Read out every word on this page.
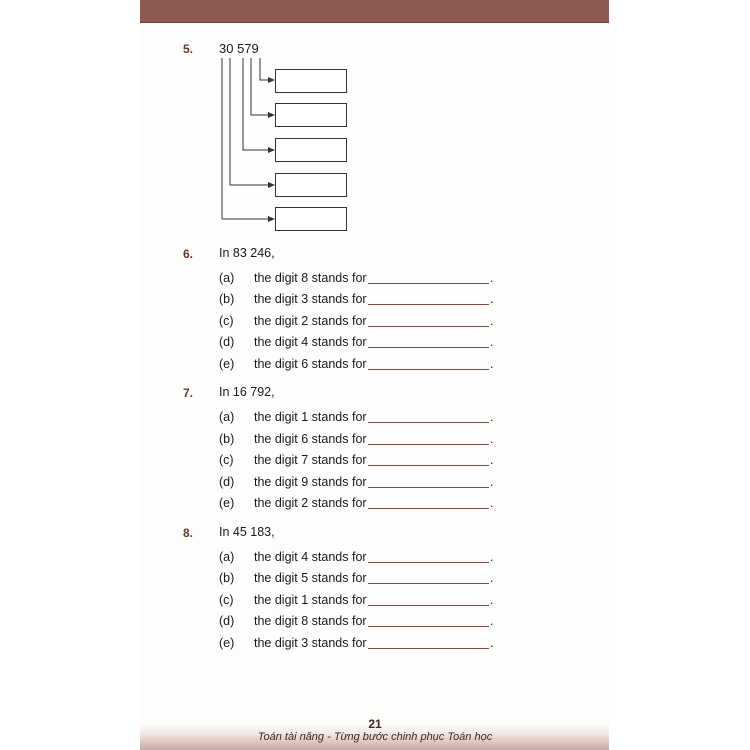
5. 30 579
6. In 83 246,
(a) the digit 8 stands for	.
(b) the digit 3 stands for	.
(c) the digit 2 stands for	.
(d) the digit 4 stands for	.
(e) the digit 6 stands for	.
7. In 16 792,
(a) the digit 1 stands for	.
(b) the digit 6 stands for	.
(c) the digit 7 stands for	.
(d) the digit 9 stands for	.
(e) the digit 2 stands for	.
8. In 45 183,
(a) the digit 4 stands for	.
(b) the digit 5 stands for	.
(c) the digit 1 stands for	.
(d) the digit 8 stands for	.
(e) the digit 3 stands for	.
21
Toán tài năng - Từng bước chinh phục Toán học
